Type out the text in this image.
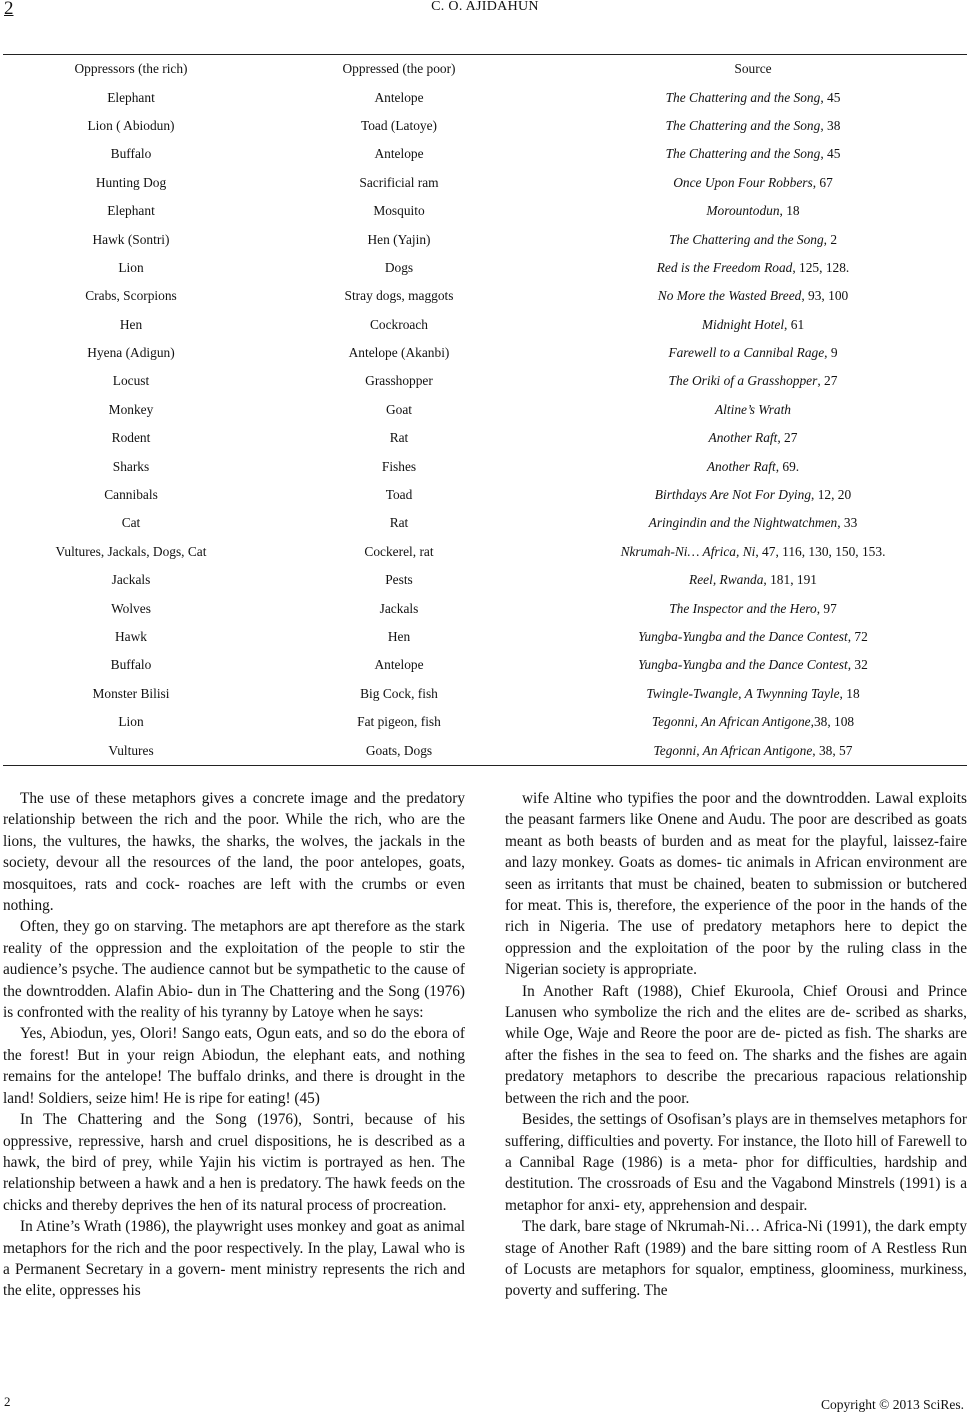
2	C. O. AJIDAHUN
Oppressors (the rich)	Oppressed (the poor)	Source
Elephant	Antelope	The Chattering and the Song, 45
Lion ( Abiodun)	Toad (Latoye)	The Chattering and the Song, 38
Buffalo	Antelope	The Chattering and the Song, 45
Hunting Dog	Sacrificial ram	Once Upon Four Robbers, 67
Elephant	Mosquito	Morountodun, 18
Hawk (Sontri)	Hen (Yajin)	The Chattering and the Song, 2
Lion	Dogs	Red is the Freedom Road, 125, 128.
Crabs, Scorpions	Stray dogs, maggots	No More the Wasted Breed, 93, 100
Hen	Cockroach	Midnight Hotel, 61
Hyena (Adigun)	Antelope (Akanbi)	Farewell to a Cannibal Rage, 9
Locust	Grasshopper	The Oriki of a Grasshopper, 27
Monkey	Goat	Altine’s Wrath
Rodent	Rat	Another Raft, 27
Sharks	Fishes	Another Raft, 69.
Cannibals	Toad	Birthdays Are Not For Dying, 12, 20
Cat	Rat	Aringindin and the Nightwatchmen, 33
Vultures, Jackals, Dogs, Cat	Cockerel, rat	Nkrumah-Ni… Africa, Ni, 47, 116, 130, 150, 153.
Jackals	Pests	Reel, Rwanda, 181, 191
Wolves	Jackals	The Inspector and the Hero, 97
Hawk	Hen	Yungba-Yungba and the Dance Contest, 72
Buffalo	Antelope	Yungba-Yungba and the Dance Contest, 32
Monster Bilisi	Big Cock, fish	Twingle-Twangle, A Twynning Tayle, 18
Lion	Fat pigeon, fish	Tegonni, An African Antigone,38, 108
Vultures	Goats, Dogs	Tegonni, An African Antigone, 38, 57

The use of these metaphors gives a concrete image and the predatory relationship between the rich and the poor. While the rich, who are the lions, the vultures, the hawks, the sharks, the wolves, the jackals in the society, devour all the resources of the land, the poor antelopes, goats, mosquitoes, rats and cock- roaches are left with the crumbs or even nothing.

Often, they go on starving. The metaphors are apt therefore as the stark reality of the oppression and the exploitation of the people to stir the audience’s psyche. The audience cannot but be sympathetic to the cause of the downtrodden. Alafin Abio- dun in The Chattering and the Song (1976) is confronted with the reality of his tyranny by Latoye when he says:

Yes, Abiodun, yes, Olori! Sango eats, Ogun eats, and so do the ebora of the forest! But in your reign Abiodun, the elephant eats, and nothing remains for the antelope! The buffalo drinks, and there is drought in the land! Soldiers, seize him! He is ripe for eating! (45)

In The Chattering and the Song (1976), Sontri, because of his oppressive, repressive, harsh and cruel dispositions, he is described as a hawk, the bird of prey, while Yajin his victim is portrayed as hen. The relationship between a hawk and a hen is predatory. The hawk feeds on the chicks and thereby deprives the hen of its natural process of procreation.

In Atine’s Wrath (1986), the playwright uses monkey and goat as animal metaphors for the rich and the poor respectively. In the play, Lawal who is a Permanent Secretary in a govern- ment ministry represents the rich and the elite, oppresses his

wife Altine who typifies the poor and the downtrodden. Lawal exploits the peasant farmers like Onene and Audu. The poor are described as goats meant as both beasts of burden and as meat for the playful, laissez-faire and lazy monkey. Goats as domes- tic animals in African environment are seen as irritants that must be chained, beaten to submission or butchered for meat. This is, therefore, the experience of the poor in the hands of the rich in Nigeria. The use of predatory metaphors here to depict the oppression and the exploitation of the poor by the ruling class in the Nigerian society is appropriate.

In Another Raft (1988), Chief Ekuroola, Chief Orousi and Prince Lanusen who symbolize the rich and the elites are de- scribed as sharks, while Oge, Waje and Reore the poor are de- picted as fish. The sharks are after the fishes in the sea to feed on. The sharks and the fishes are again predatory metaphors to describe the precarious rapacious relationship between the rich and the poor.

Besides, the settings of Osofisan’s plays are in themselves metaphors for suffering, difficulties and poverty. For instance, the Iloto hill of Farewell to a Cannibal Rage (1986) is a meta- phor for difficulties, hardship and destitution. The crossroads of Esu and the Vagabond Minstrels (1991) is a metaphor for anxi- ety, apprehension and despair.

The dark, bare stage of Nkrumah-Ni… Africa-Ni (1991), the dark empty stage of Another Raft (1989) and the bare sitting room of A Restless Run of Locusts are metaphors for squalor, emptiness, gloominess, murkiness, poverty and suffering. The

2	Copyright © 2013 SciRes.
